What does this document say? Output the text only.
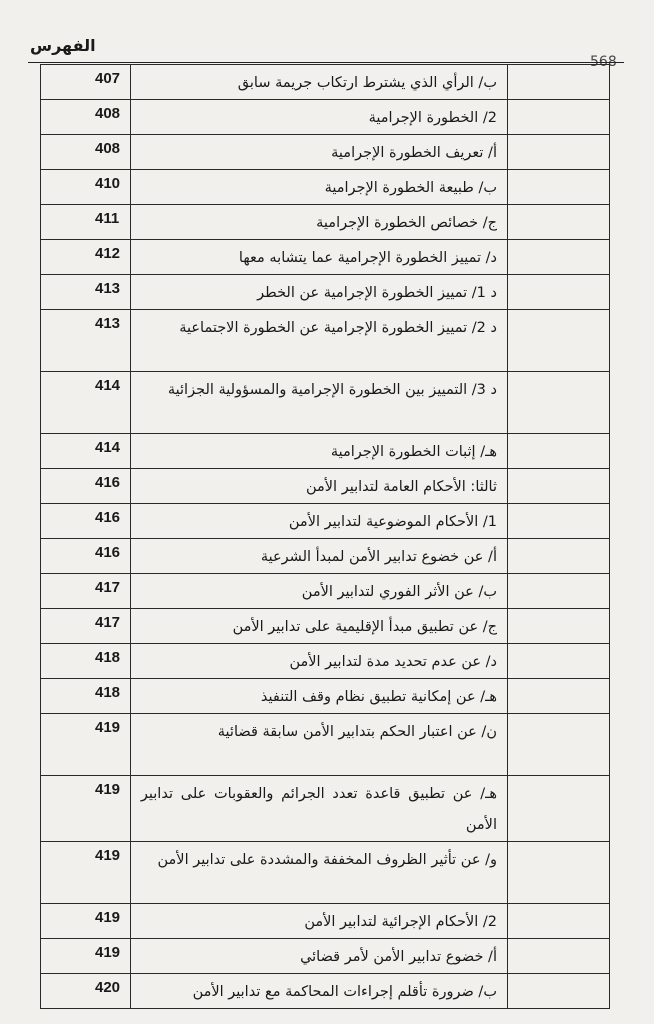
الفهرس
568
407	ب/ الرأي الذي يشترط ارتكاب جريمة سابق	
408	2/ الخطورة الإجرامية	
408	أ/ تعريف الخطورة الإجرامية	
410	ب/ طبيعة الخطورة الإجرامية	
411	ج/ خصائص الخطورة الإجرامية	
412	د/ تمييز الخطورة الإجرامية عما يتشابه معها	
413	د 1/ تمييز الخطورة الإجرامية عن الخطر	
413	د 2/ تمييز الخطورة الإجرامية عن الخطورة الاجتماعية	
414	د 3/ التمييز بين الخطورة الإجرامية والمسؤولية الجزائية	
414	هـ/ إثبات الخطورة الإجرامية	
416	ثالثا: الأحكام العامة لتدابير الأمن	
416	1/ الأحكام الموضوعية لتدابير الأمن	
416	أ/ عن خضوع تدابير الأمن لمبدأ الشرعية	
417	ب/ عن الأثر الفوري لتدابير الأمن	
417	ج/ عن تطبيق مبدأ الإقليمية على تدابير الأمن	
418	د/ عن عدم تحديد مدة لتدابير الأمن	
418	هـ/ عن إمكانية تطبيق نظام وقف التنفيذ	
419	ن/ عن اعتبار الحكم بتدابير الأمن سابقة قضائية	
419	هـ/ عن تطبيق قاعدة تعدد الجرائم والعقوبات على تدابير الأمن	
419	و/ عن تأثير الظروف المخففة والمشددة على تدابير الأمن	
419	2/ الأحكام الإجرائية لتدابير الأمن	
419	أ/ خضوع تدابير الأمن لأمر قضائي	
420	ب/ ضرورة تأقلم إجراءات المحاكمة مع تدابير الأمن	
